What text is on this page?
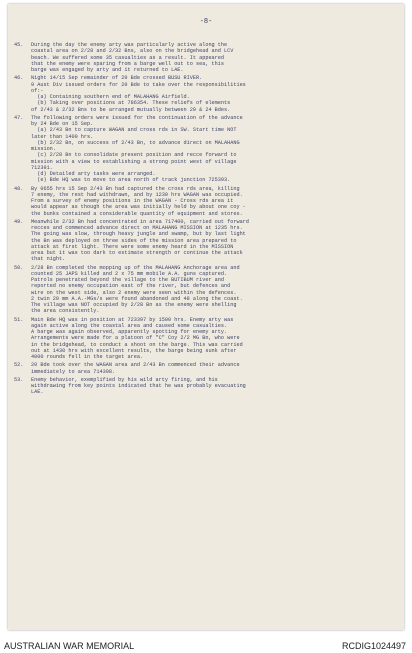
-8-
45.	During the day the enemy arty was particularly active along the
coastal area on 2/28 and 2/32 Bns, also on the bridgehead and LCV
beach. We suffered some 35 casualties as a result. It appeared
that the enemy were sparing from a barge well out to sea, this
barge was engaged by arty and it returned to LAE.
46.	Night 14/15 Sep remainder of 20 Bde crossed BUSU RIVER.
9 Aust Div issued orders for 20 Bde to take over the responsibilities
of:-
(a) Containing southern end of MALAHANG Airfield.
(b) Taking over positions at 786354. These reliefs of elements
of 2/43 & 2/32 Bns to be arranged mutually between 20 & 24 Bdes.
47.	The following orders were issued for the continuation of the advance
by 24 Bde on 15 Sep.
(a) 2/43 Bn to capture WAGAN and cross rds in SW. Start time NOT
later than 1400 hrs.
(b) 2/32 Bn, on success of 2/43 Bn, to advance direct on MALAHANG
mission.
(c) 2/28 Bn to consolidate present position and recce forward to
mission with a view to establishing a strong point west of village
712391.
(d) Detailed arty tasks were arranged.
(e) Bde HQ was to move to area north of track junction 725393.
48.	By 0655 hrs 15 Sep 2/43 Bn had captured the cross rds area, killing
7 enemy, the rest had withdrawn, and by 1230 hrs WAGAN was occupied.
From a survey of enemy positions in the WAGAN - Cross rds area it
would appear as though the area was initially held by about one coy -
the bunks contained a considerable quantity of equipment and stores.
49.	Meanwhile 2/32 Bn had concentrated in area 717400, carried out forward
recces and commenced advance direct on MALAHANG MISSION at 1235 hrs.
The going was slow, through heavy jungle and swamp, but by last light
the Bn was deployed on three sides of the mission area prepared to
attack at first light. There were some enemy heard in the MISSION
area but it was too dark to estimate strength or continue the attack
that night.
50.	2/28 Bn completed the mopping up of the MALAHANG Anchorage area and
counted 25 JAPS killed and 2 x 75 mm mobile A.A. guns captured.
Patrols penetrated beyond the village to the BUTIBUM river and
reported no enemy occupation east of the river, but defences and
wire on the west side, also 2 enemy were seen within the defences.
2 twin 20 mm A.A.-MGs/s were found abandoned and 48 along the coast.
The village was NOT occupied by 2/28 Bn as the enemy were shelling
the area consistently.
51.	Main Bde HQ was in position at 723397 by 1500 hrs. Enemy arty was
again active along the coastal area and caused some casualties.
A barge was again observed, apparently spotting for enemy arty.
Arrangements were made for a platoon of "C" Coy 2/2 MG Bn, who were
in the bridgehead, to conduct a shoot on the barge. This was carried
out at 1430 hrs with excellent results, the barge being sunk after
4000 rounds fell in the target area.
52.	20 Bde took over the WAGAN area and 2/43 Bn commenced their advance
immediately to area 714398.
53.	Enemy behavior, exemplified by his wild arty firing, and his
withdrawing from key points indicated that he was probably evacuating
LAE.
AUSTRALIAN WAR MEMORIAL	RCDIG1024497
